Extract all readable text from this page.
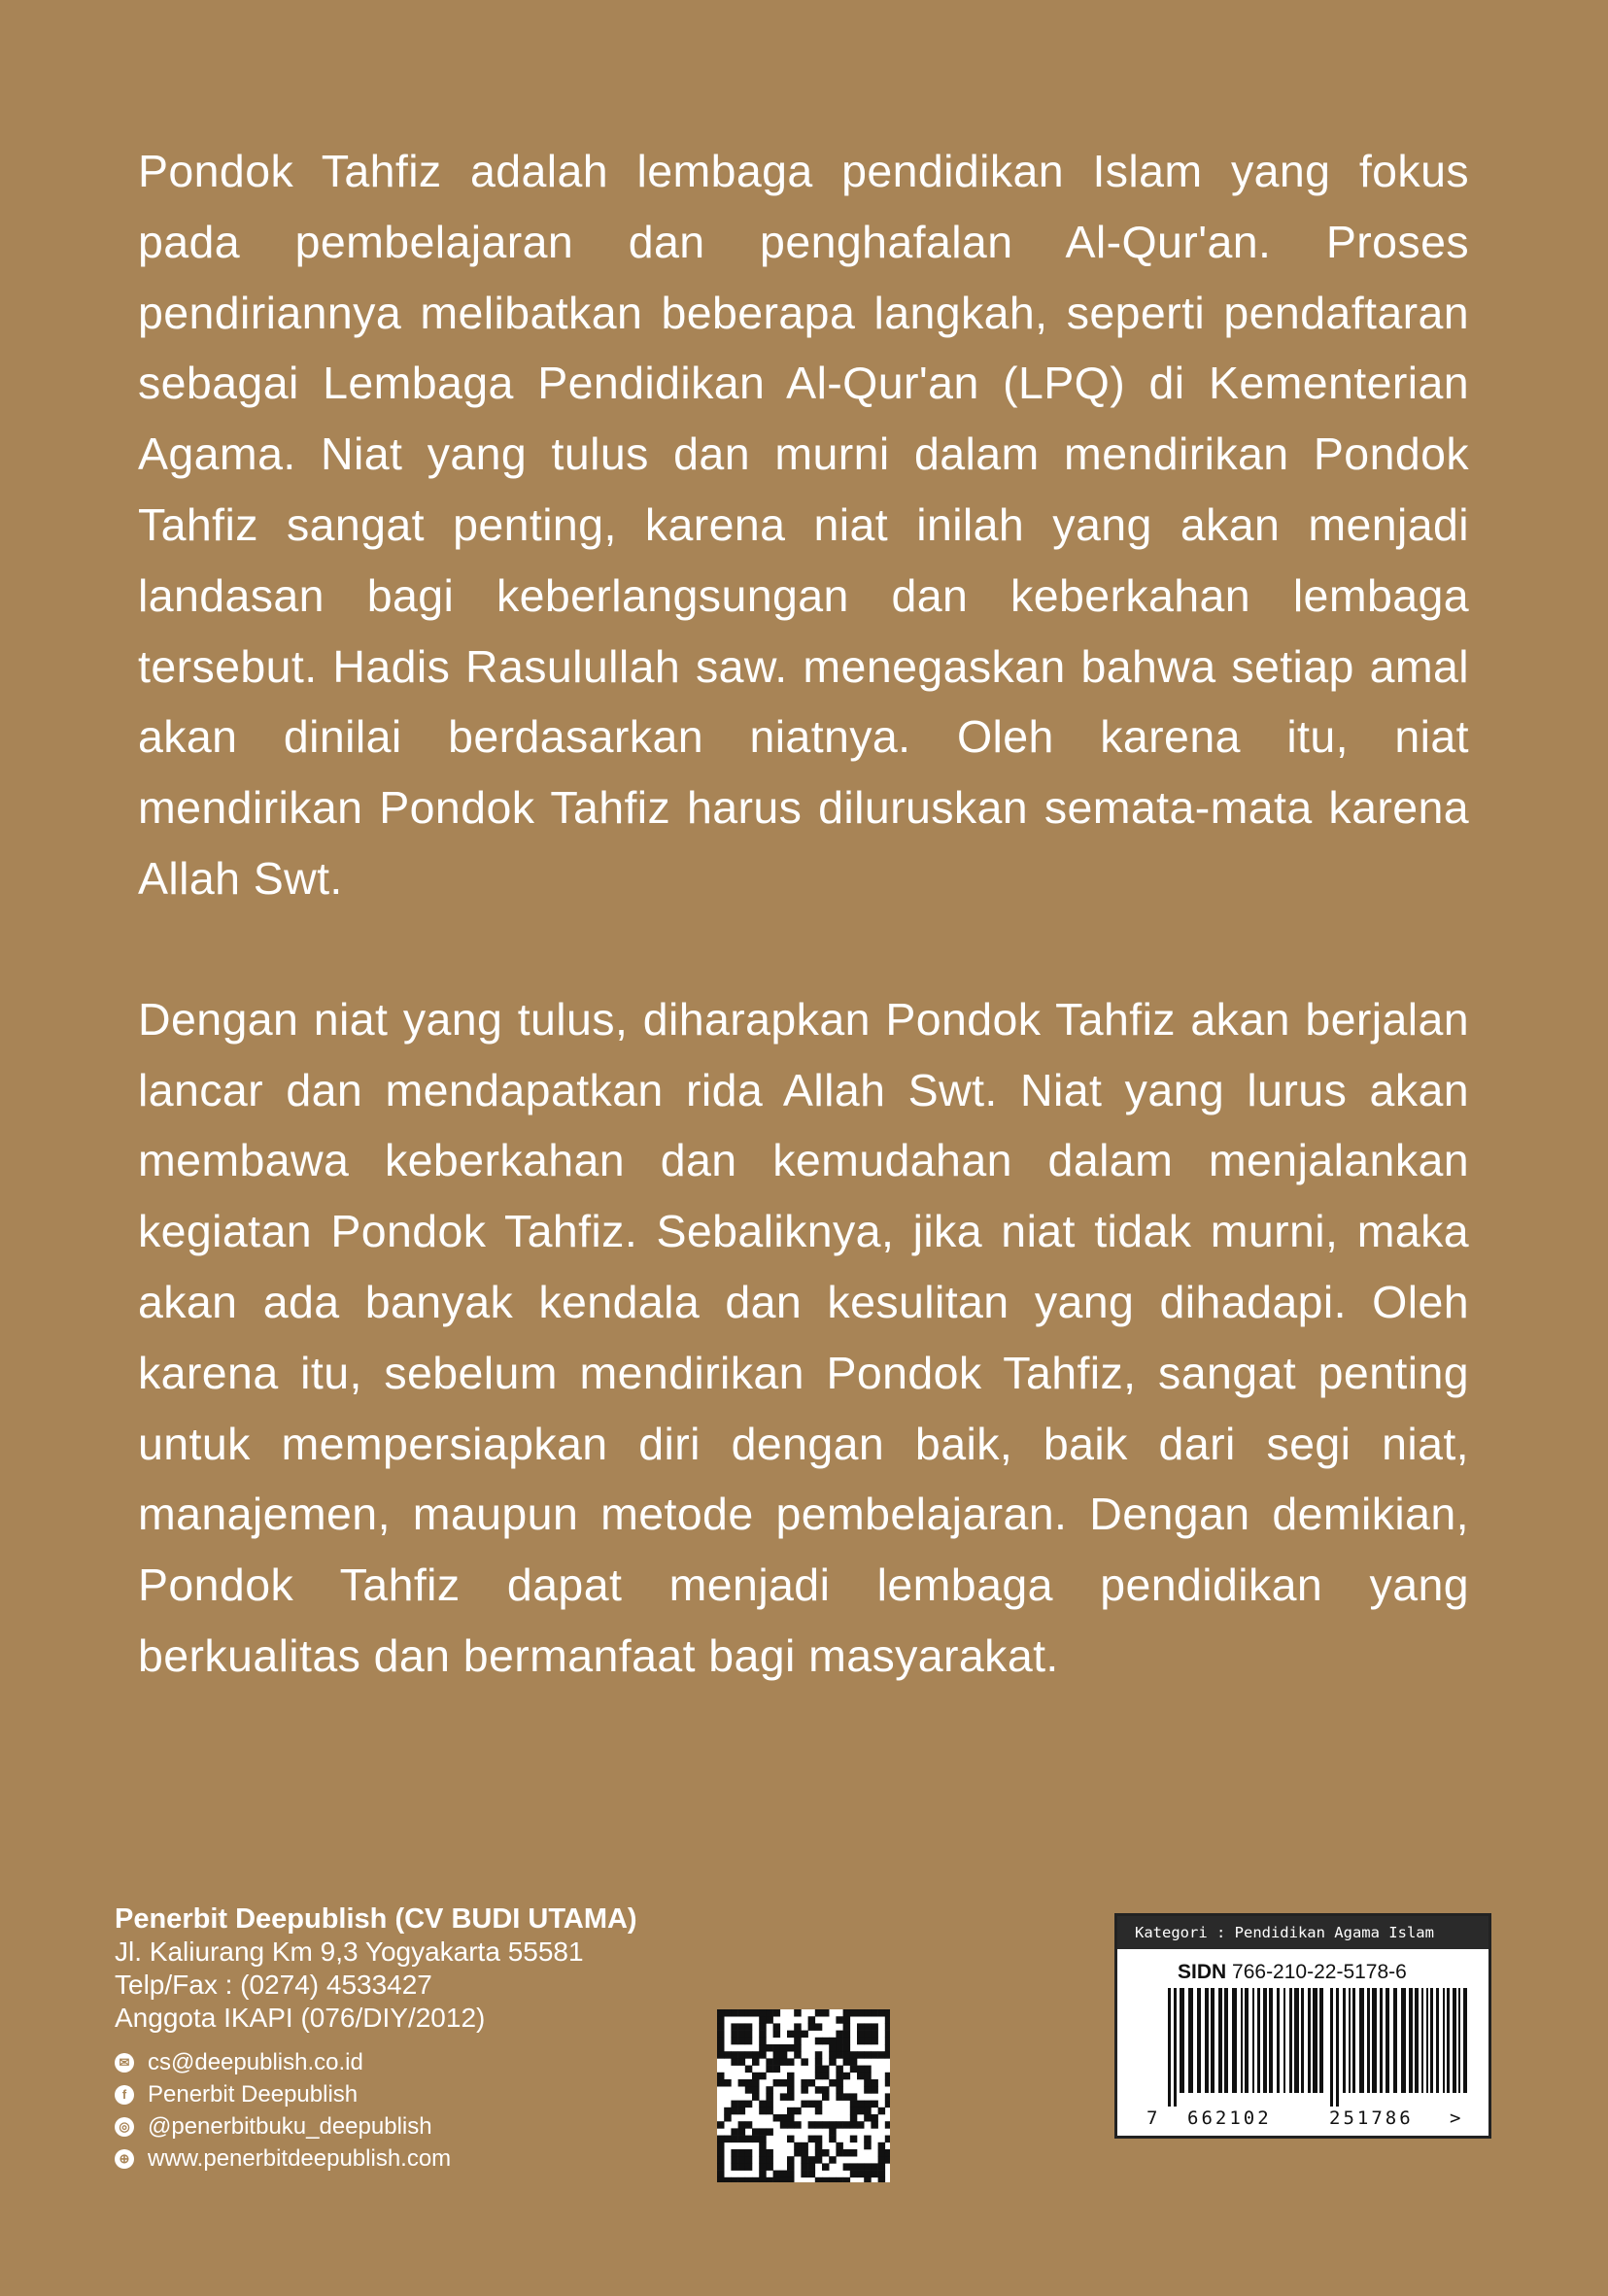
Pondok Tahfiz adalah lembaga pendidikan Islam yang fokus pada pembelajaran dan penghafalan Al-Qur'an. Proses pendiriannya melibatkan beberapa langkah, seperti pendaftaran sebagai Lembaga Pendidikan Al-Qur'an (LPQ) di Kementerian Agama. Niat yang tulus dan murni dalam mendirikan Pondok Tahfiz sangat penting, karena niat inilah yang akan menjadi landasan bagi keberlangsungan dan keberkahan lembaga tersebut. Hadis Rasulullah saw. menegaskan bahwa setiap amal akan dinilai berdasarkan niatnya. Oleh karena itu, niat mendirikan Pondok Tahfiz harus diluruskan semata-mata karena Allah Swt.

Dengan niat yang tulus, diharapkan Pondok Tahfiz akan berjalan lancar dan mendapatkan rida Allah Swt. Niat yang lurus akan membawa keberkahan dan kemudahan dalam menjalankan kegiatan Pondok Tahfiz. Sebaliknya, jika niat tidak murni, maka akan ada banyak kendala dan kesulitan yang dihadapi. Oleh karena itu, sebelum mendirikan Pondok Tahfiz, sangat penting untuk mempersiapkan diri dengan baik, baik dari segi niat, manajemen, maupun metode pembelajaran. Dengan demikian, Pondok Tahfiz dapat menjadi lembaga pendidikan yang berkualitas dan bermanfaat bagi masyarakat.

Penerbit Deepublish (CV BUDI UTAMA)
Jl. Kaliurang Km 9,3 Yogyakarta 55581
Telp/Fax : (0274) 4533427
Anggota IKAPI (076/DIY/2012)
✉ cs@deepublish.co.id
f Penerbit Deepublish
◎ @penerbitbuku_deepublish
⊕ www.penerbitdeepublish.com
Kategori : Pendidikan Agama Islam
SIDN 766-210-22-5178-6
7 662102	251786 >
